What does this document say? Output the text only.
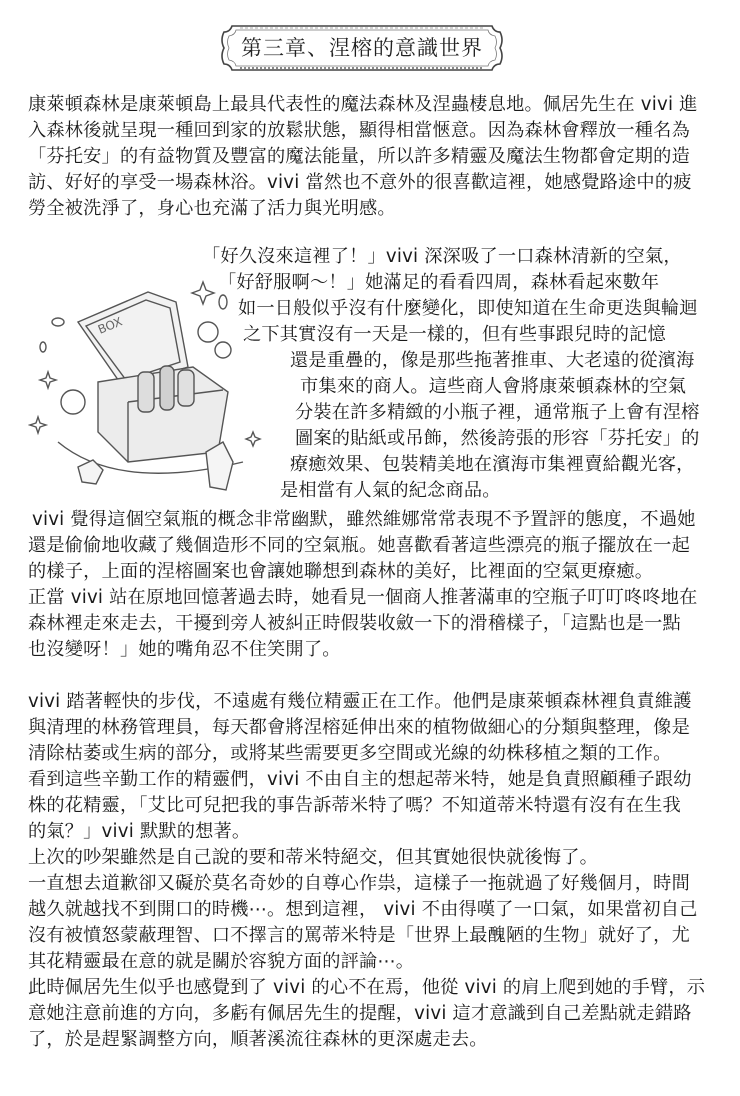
第三章、涅榕的意識世界
康萊頓森林是康萊頓島上最具代表性的魔法森林及涅蟲棲息地。佩居先生在 vivi 進
入森林後就呈現一種回到家的放鬆狀態，顯得相當愜意。因為森林會釋放一種名為
「芬托安」的有益物質及豐富的魔法能量，所以許多精靈及魔法生物都會定期的造
訪、好好的享受一場森林浴。vivi 當然也不意外的很喜歡這裡，她感覺路途中的疲
勞全被洗淨了，身心也充滿了活力與光明感。
BOX
「好久沒來這裡了！」vivi 深深吸了一口森林清新的空氣，
「好舒服啊～！」她滿足的看看四周，森林看起來數年
如一日般似乎沒有什麼變化，即使知道在生命更迭與輪迴
之下其實沒有一天是一樣的，但有些事跟兒時的記憶
還是重疊的，像是那些拖著推車、大老遠的從濱海
市集來的商人。這些商人會將康萊頓森林的空氣
分裝在許多精緻的小瓶子裡，通常瓶子上會有涅榕
圖案的貼紙或吊飾，然後誇張的形容「芬托安」的
療癒效果、包裝精美地在濱海市集裡賣給觀光客，
是相當有人氣的紀念商品。
vivi 覺得這個空氣瓶的概念非常幽默，雖然維娜常常表現不予置評的態度，不過她
還是偷偷地收藏了幾個造形不同的空氣瓶。她喜歡看著這些漂亮的瓶子擺放在一起
的樣子，上面的涅榕圖案也會讓她聯想到森林的美好，比裡面的空氣更療癒。
正當 vivi 站在原地回憶著過去時，她看見一個商人推著滿車的空瓶子叮叮咚咚地在
森林裡走來走去，干擾到旁人被糾正時假裝收斂一下的滑稽樣子，「這點也是一點
也沒變呀！」她的嘴角忍不住笑開了。
vivi 踏著輕快的步伐，不遠處有幾位精靈正在工作。他們是康萊頓森林裡負責維護
與清理的林務管理員，每天都會將涅榕延伸出來的植物做細心的分類與整理，像是
清除枯萎或生病的部分，或將某些需要更多空間或光線的幼株移植之類的工作。
看到這些辛勤工作的精靈們，vivi 不由自主的想起蒂米特，她是負責照顧種子跟幼
株的花精靈，「艾比可兒把我的事告訴蒂米特了嗎？不知道蒂米特還有沒有在生我
的氣？」vivi 默默的想著。
上次的吵架雖然是自己說的要和蒂米特絕交，但其實她很快就後悔了。
一直想去道歉卻又礙於莫名奇妙的自尊心作祟，這樣子一拖就過了好幾個月，時間
越久就越找不到開口的時機⋯。想到這裡， vivi 不由得嘆了一口氣，如果當初自己
沒有被憤怒蒙蔽理智、口不擇言的罵蒂米特是「世界上最醜陋的生物」就好了，尤
其花精靈最在意的就是關於容貌方面的評論⋯。
此時佩居先生似乎也感覺到了 vivi 的心不在焉，他從 vivi 的肩上爬到她的手臂，示
意她注意前進的方向，多虧有佩居先生的提醒，vivi 這才意識到自己差點就走錯路
了，於是趕緊調整方向，順著溪流往森林的更深處走去。
